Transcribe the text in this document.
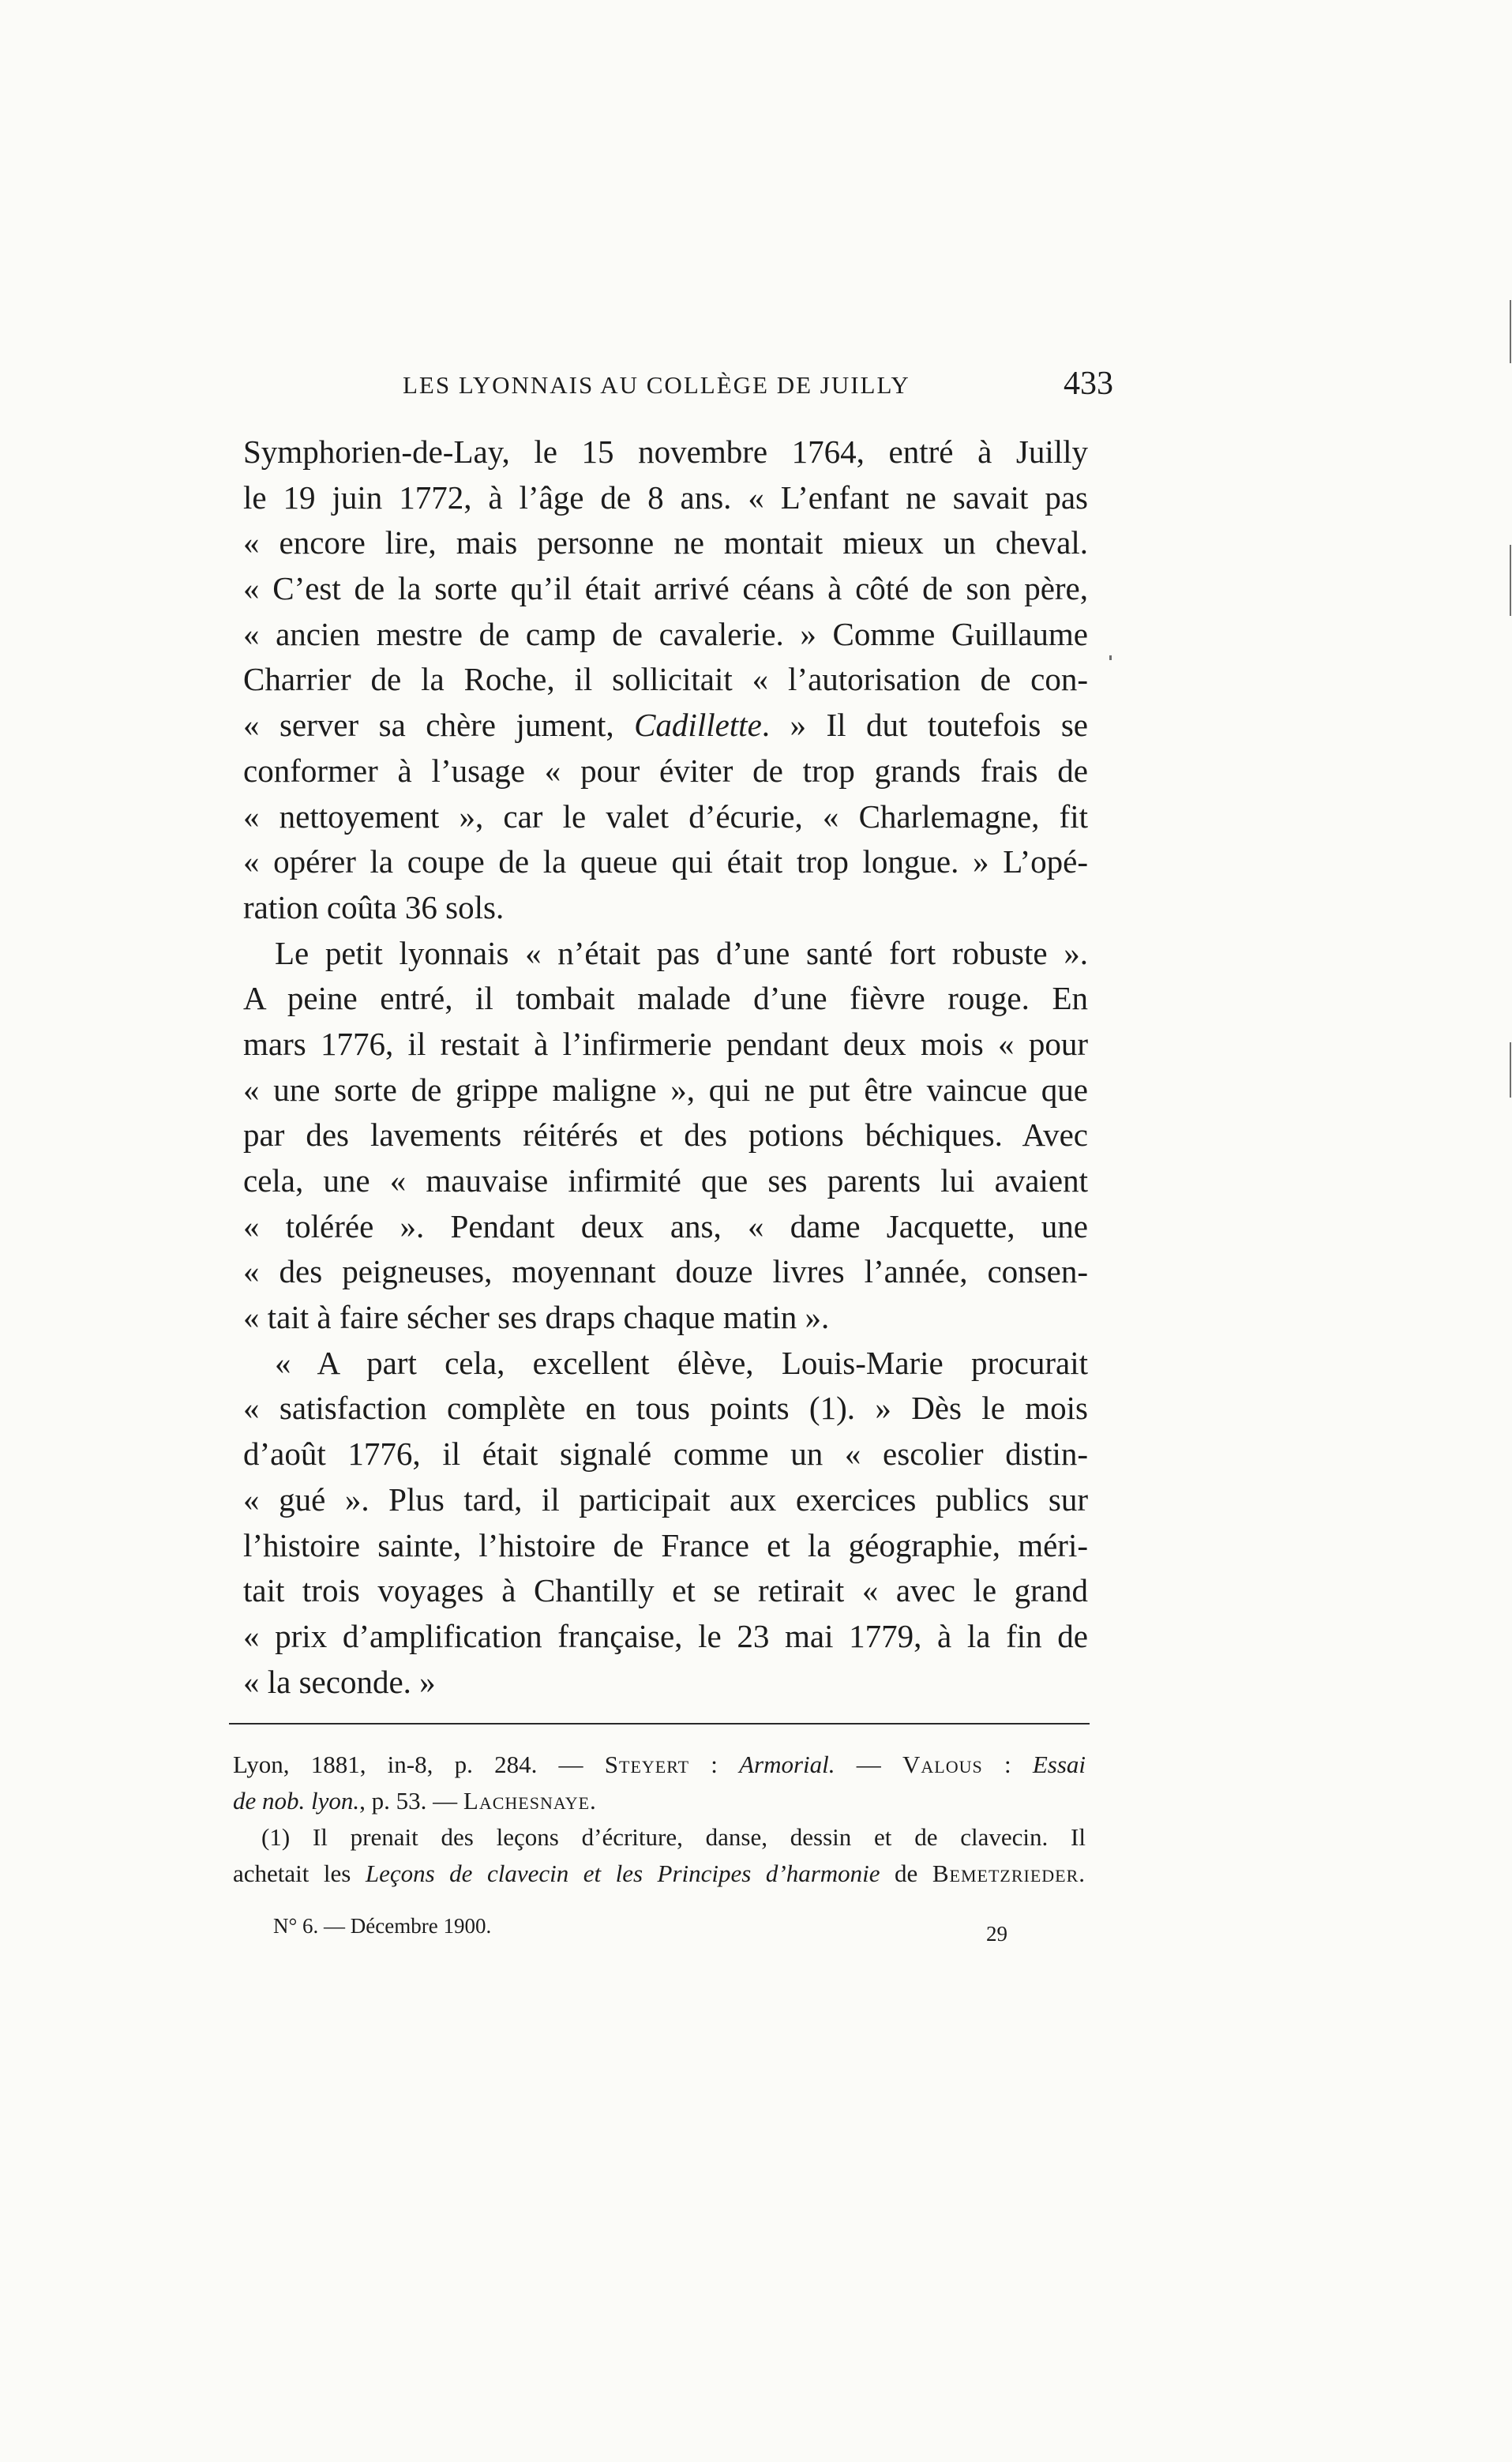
LES LYONNAIS AU COLLÈGE DE JUILLY	433
Symphorien-de-Lay, le 15 novembre 1764, entré à Juilly
le 19 juin 1772, à l’âge de 8 ans. « L’enfant ne savait pas
« encore lire, mais personne ne montait mieux un cheval.
« C’est de la sorte qu’il était arrivé céans à côté de son père,
« ancien mestre de camp de cavalerie. » Comme Guillaume
Charrier de la Roche, il sollicitait « l’autorisation de con-
« server sa chère jument, Cadillette. » Il dut toutefois se
conformer à l’usage « pour éviter de trop grands frais de
« nettoyement », car le valet d’écurie, « Charlemagne, fit
« opérer la coupe de la queue qui était trop longue. » L’opé-
ration coûta 36 sols.
Le petit lyonnais « n’était pas d’une santé fort robuste ».
A peine entré, il tombait malade d’une fièvre rouge. En
mars 1776, il restait à l’infirmerie pendant deux mois « pour
« une sorte de grippe maligne », qui ne put être vaincue que
par des lavements réitérés et des potions béchiques. Avec
cela, une « mauvaise infirmité que ses parents lui avaient
« tolérée ». Pendant deux ans, « dame Jacquette, une
« des peigneuses, moyennant douze livres l’année, consen-
« tait à faire sécher ses draps chaque matin ».
« A part cela, excellent élève, Louis-Marie procurait
« satisfaction complète en tous points (1). » Dès le mois
d’août 1776, il était signalé comme un « escolier distin-
« gué ». Plus tard, il participait aux exercices publics sur
l’histoire sainte, l’histoire de France et la géographie, méri-
tait trois voyages à Chantilly et se retirait « avec le grand
« prix d’amplification française, le 23 mai 1779, à la fin de
« la seconde. »
Lyon, 1881, in-8, p. 284. — Steyert : Armorial. — Valous : Essai
de nob. lyon., p. 53. — Lachesnaye.
(1) Il prenait des leçons d’écriture, danse, dessin et de clavecin. Il
achetait les Leçons de clavecin et les Principes d’harmonie de Bemetzrieder.
N° 6. — Décembre 1900.	29
